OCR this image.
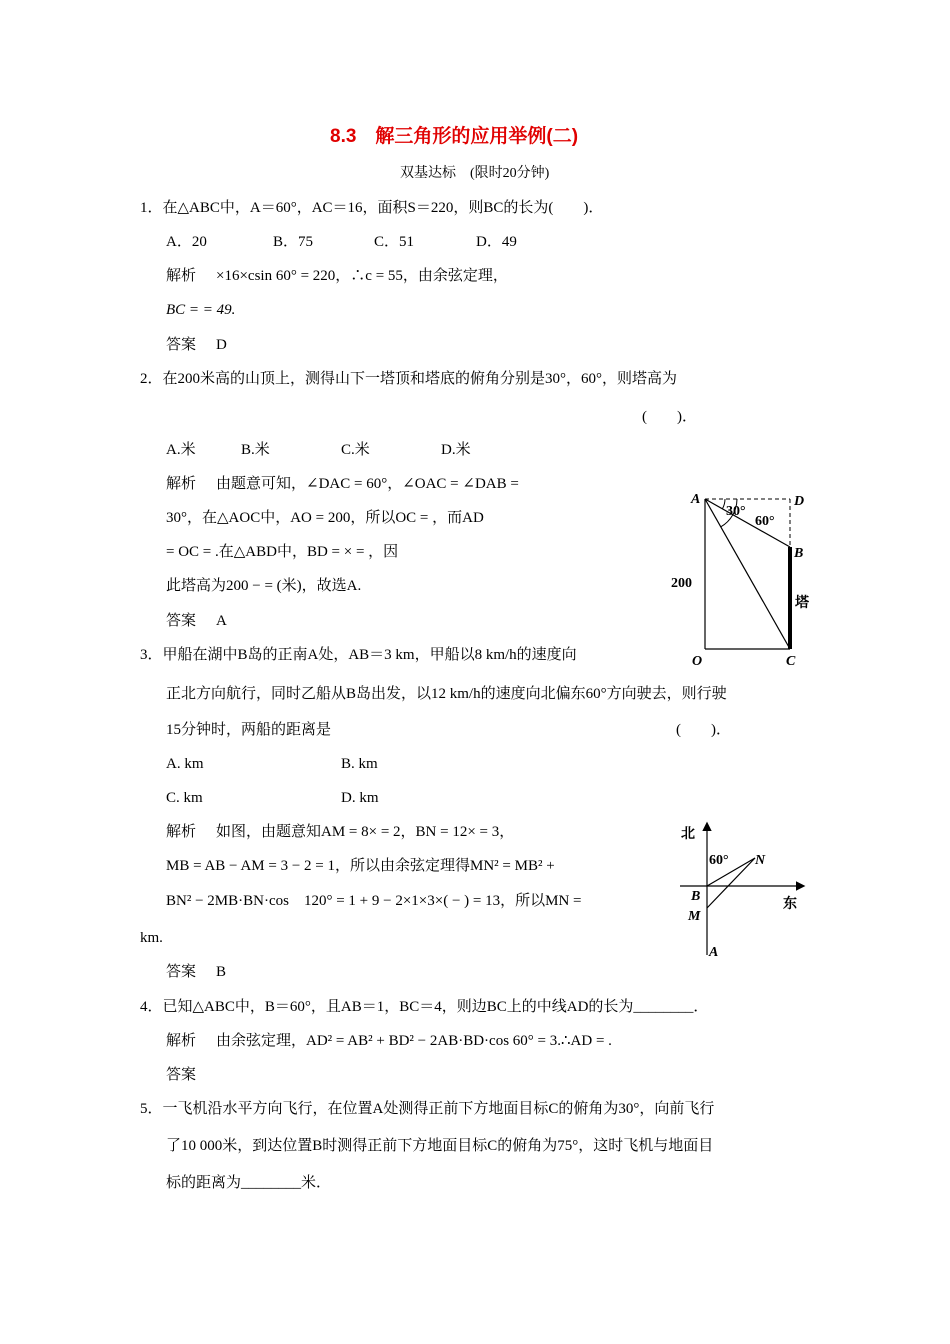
8.3　解三角形的应用举例(二)
双基达标　(限时20分钟)
1．在△ABC中，A＝60°，AC＝16，面积S＝220，则BC的长为(　　)．
A．20	B．75	C．51	D．49
解析 ×16×csin 60° = 220，∴c = 55，由余弦定理，
BC = = 49.
答案 D
2．在200米高的山顶上，测得山下一塔顶和塔底的俯角分别是30°，60°，则塔高为
(　　)．
A.米	B.米	C.米	D.米
解析 由题意可知，∠DAC = 60°，∠OAC = ∠DAB =
30°，在△AOC中，AO = 200，所以OC = ，而AD
= OC = .在△ABD中，BD = × = ，因
此塔高为200 − = (米)，故选A.
答案 A
A	D
B
O	C
200
30°
60°
塔
3．甲船在湖中B岛的正南A处，AB＝3 km，甲船以8 km/h的速度向
正北方向航行，同时乙船从B岛出发，以12 km/h的速度向北偏东60°方向驶去，则行驶
15分钟时，两船的距离是	(　　)．
A. km	B. km
C. km	D. km
解析 如图，由题意知AM = 8× = 2，BN = 12× = 3，
MB = AB − AM = 3 − 2 = 1，所以由余弦定理得MN² = MB² +
BN² − 2MB·BN·cos　120° = 1 + 9 − 2×1×3×( − ) = 13，所以MN =
km.
答案 B
北
东
60° N
B
M
A
4．已知△ABC中，B＝60°，且AB＝1，BC＝4，则边BC上的中线AD的长为________．
解析 由余弦定理，AD² = AB² + BD² − 2AB·BD·cos 60° = 3.∴AD = .
答案
5．一飞机沿水平方向飞行，在位置A处测得正前下方地面目标C的俯角为30°，向前飞行
了10 000米，到达位置B时测得正前下方地面目标C的俯角为75°，这时飞机与地面目
标的距离为________米．
